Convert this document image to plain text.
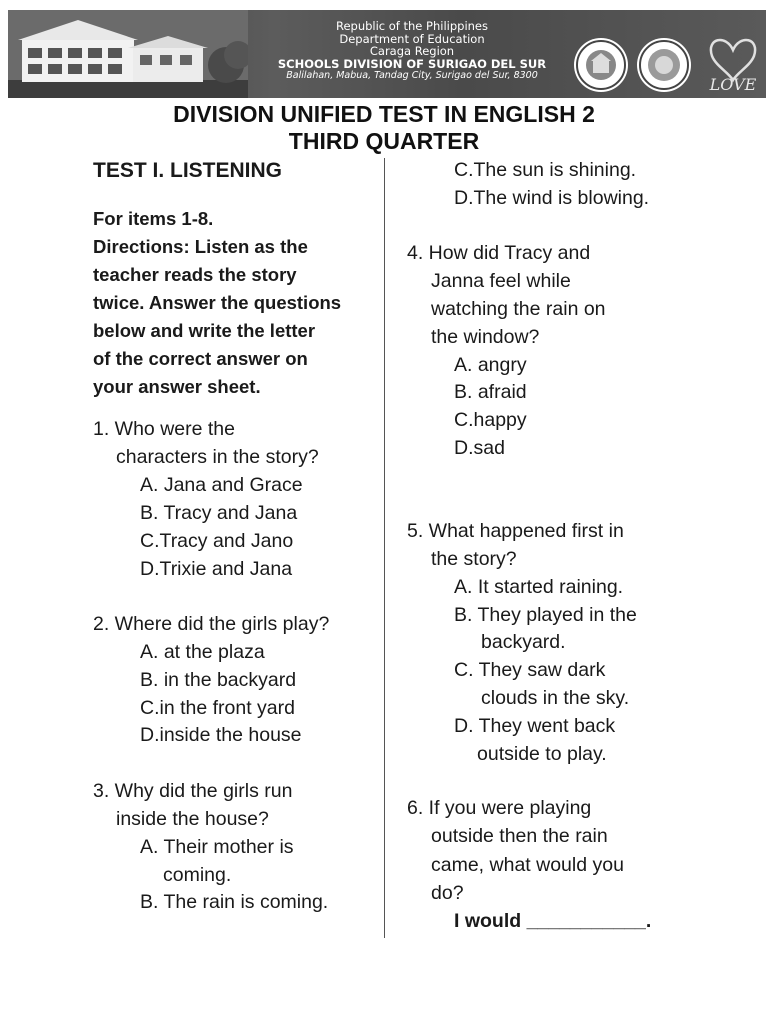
Republic of the Philippines
Department of Education
Caraga Region
SCHOOLS DIVISION OF SURIGAO DEL SUR
Balilahan, Mabua, Tandag City, Surigao del Sur, 8300	LOVE
DIVISION UNIFIED TEST IN ENGLISH 2
THIRD QUARTER
TEST I. LISTENING
For items 1-8.
Directions: Listen as the
teacher reads the story
twice. Answer the questions
below and write the letter
of the correct answer on
your answer sheet.
1. Who were the
characters in the story?
A. Jana and Grace
B. Tracy and Jana
C.Tracy and Jano
D.Trixie and Jana
2. Where did the girls play?
A. at the plaza
B. in the backyard
C.in the front yard
D.inside the house
3. Why did the girls run
inside the house?
A. Their mother is
coming.
B. The rain is coming.
C.The sun is shining.
D.The wind is blowing.
4. How did Tracy and
Janna feel while
watching the rain on
the window?
A. angry
B. afraid
C.happy
D.sad
5. What happened first in
the story?
A. It started raining.
B. They played in the
backyard.
C. They saw dark
clouds in the sky.
D. They went back
outside to play.
6. If you were playing
outside then the rain
came, what would you
do?
I would ___________.
